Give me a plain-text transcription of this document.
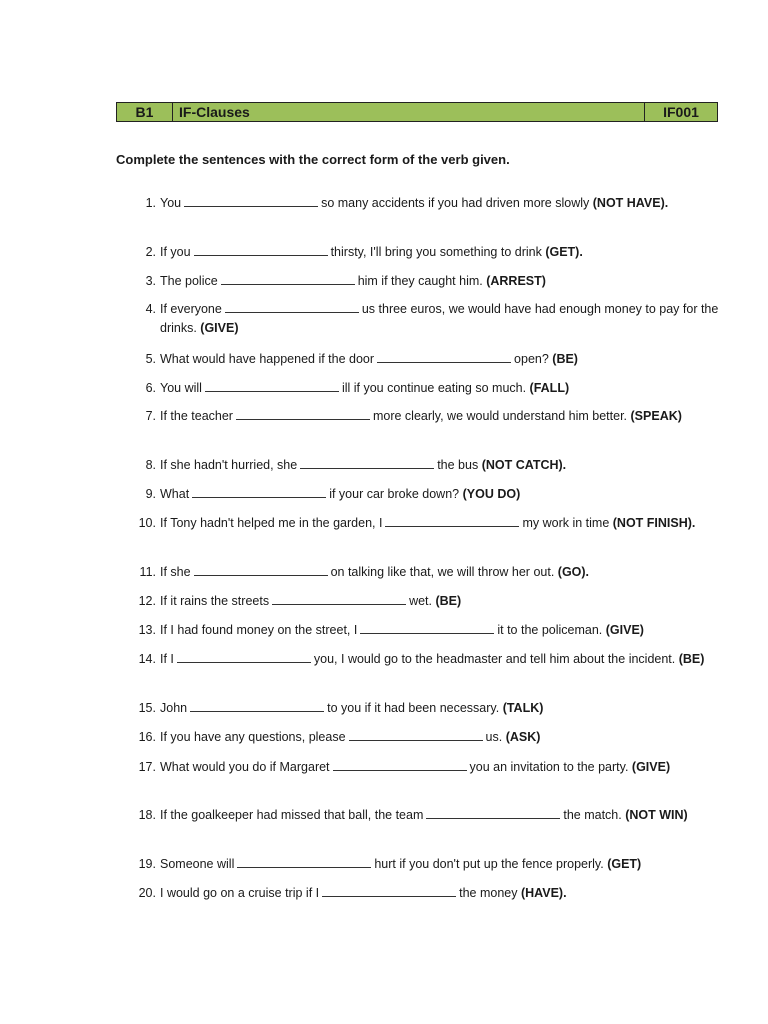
B1	IF-Clauses	IF001
Complete the sentences with the correct form of the verb given.
1. You	so many accidents if you had driven more slowly (NOT HAVE).
2. If you	thirsty, I'll bring you something to drink (GET).
3. The police	him if they caught him. (ARREST)
4. If everyone	us three euros, we would have had enough money to pay for the drinks. (GIVE)
5. What would have happened if the door	open? (BE)
6. You will	ill if you continue eating so much. (FALL)
7. If the teacher	more clearly, we would understand him better. (SPEAK)
8. If she hadn't hurried, she	the bus (NOT CATCH).
9. What	if your car broke down? (YOU DO)
10. If Tony hadn't helped me in the garden, I	my work in time (NOT FINISH).
11. If she	on talking like that, we will throw her out. (GO).
12. If it rains the streets	wet. (BE)
13. If I had found money on the street, I	it to the policeman. (GIVE)
14. If I	you, I would go to the headmaster and tell him about the incident. (BE)
15. John	to you if it had been necessary. (TALK)
16. If you have any questions, please	us. (ASK)
17. What would you do if Margaret	you an invitation to the party. (GIVE)
18. If the goalkeeper had missed that ball, the team	the match. (NOT WIN)
19. Someone will	hurt if you don't put up the fence properly. (GET)
20. I would go on a cruise trip if I	the money (HAVE).
